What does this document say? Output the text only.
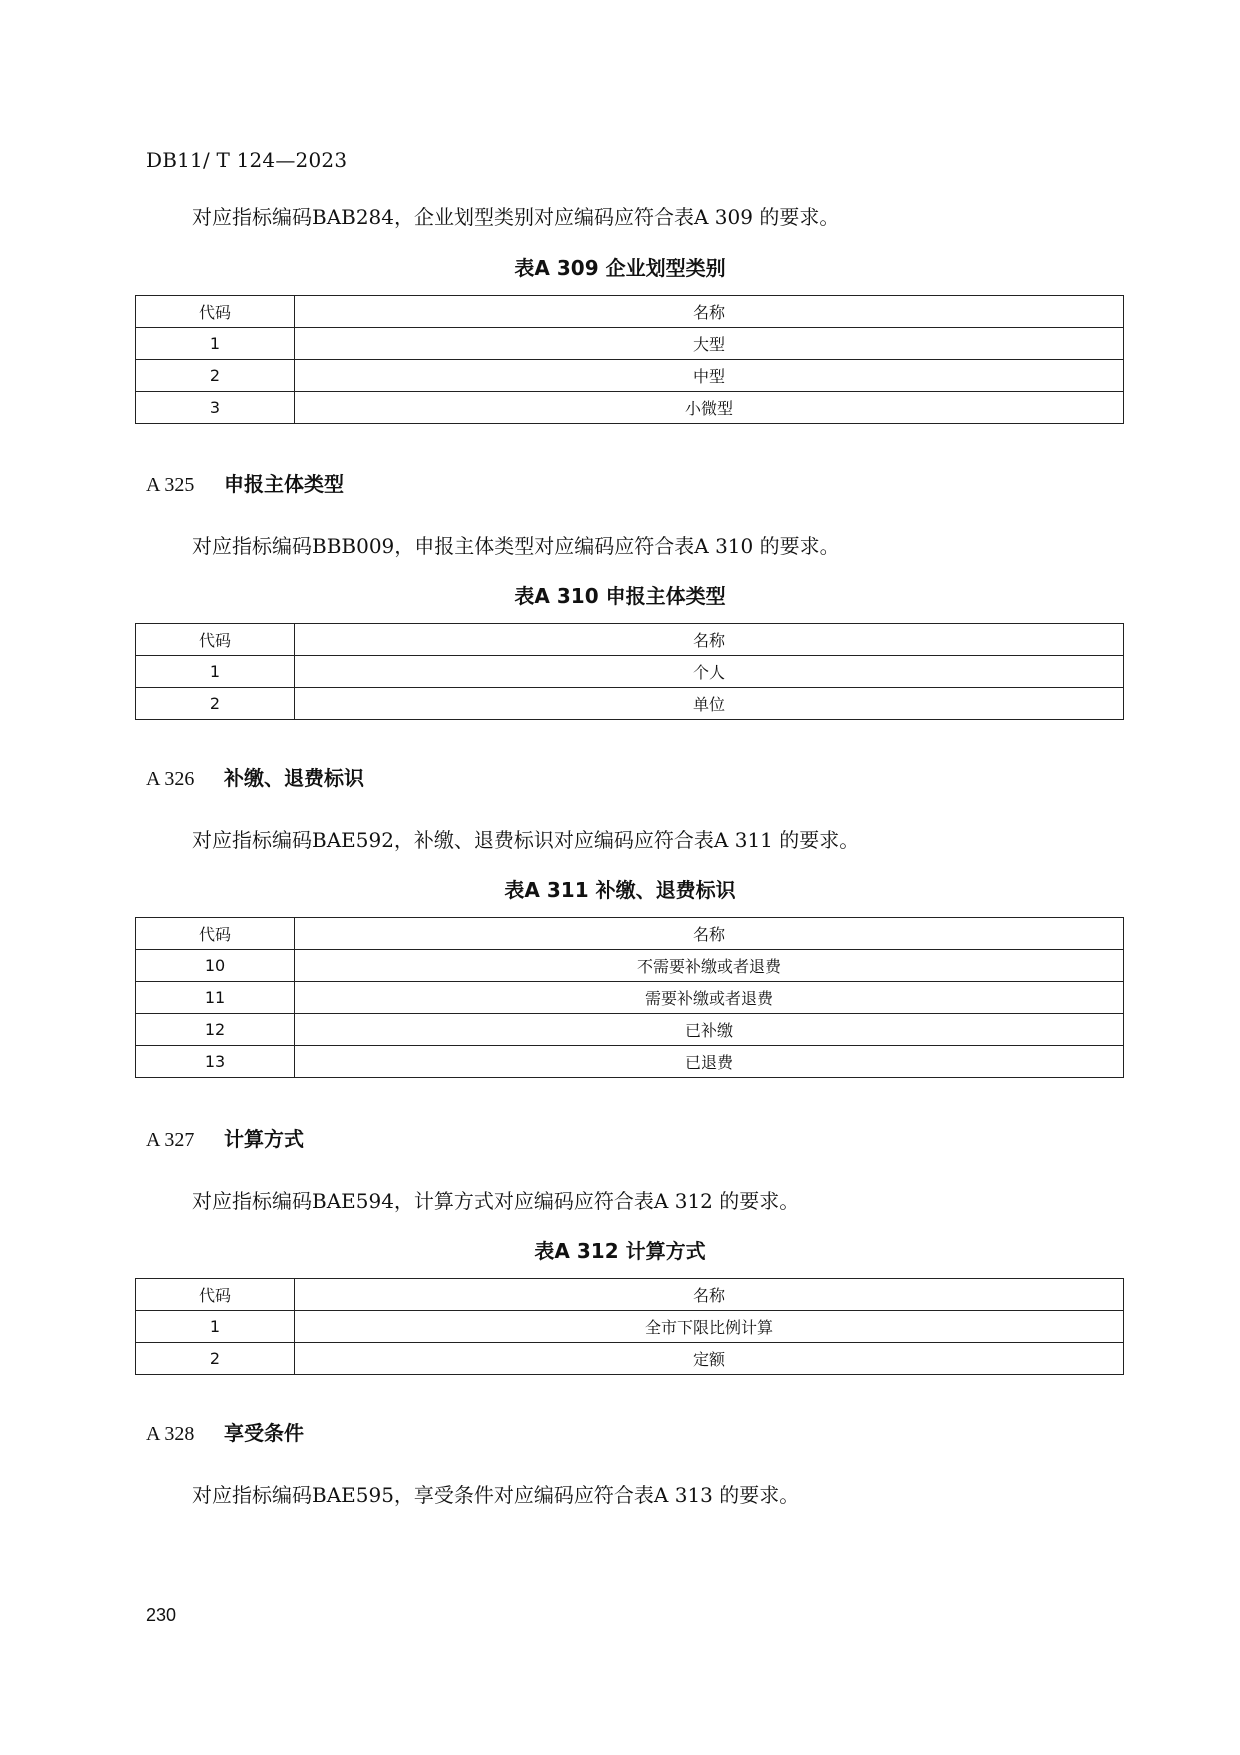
DB11/ T 124—2023
对应指标编码BAB284，企业划型类别对应编码应符合表A 309 的要求。
表A 309 企业划型类别
代码	名称
1	大型
2	中型
3	小微型
A 325 申报主体类型
对应指标编码BBB009，申报主体类型对应编码应符合表A 310 的要求。
表A 310 申报主体类型
代码	名称
1	个人
2	单位
A 326 补缴、退费标识
对应指标编码BAE592，补缴、退费标识对应编码应符合表A 311 的要求。
表A 311 补缴、退费标识
代码	名称
10	不需要补缴或者退费
11	需要补缴或者退费
12	已补缴
13	已退费
A 327 计算方式
对应指标编码BAE594，计算方式对应编码应符合表A 312 的要求。
表A 312 计算方式
代码	名称
1	全市下限比例计算
2	定额
A 328 享受条件
对应指标编码BAE595，享受条件对应编码应符合表A 313 的要求。
230
